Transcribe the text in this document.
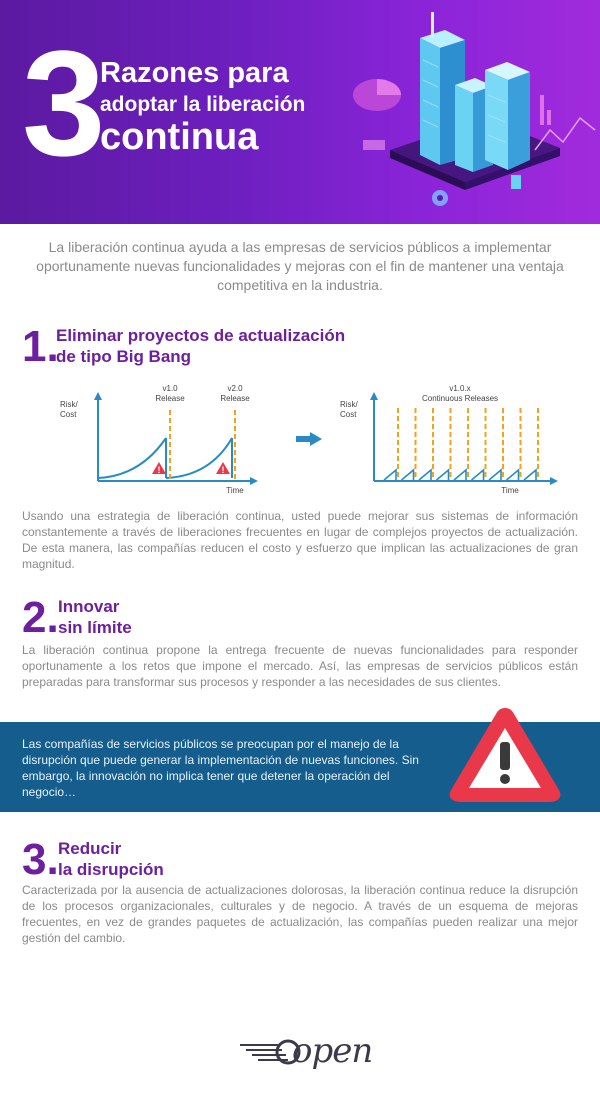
3
Razones para
adoptar la liberación
continua
La liberación continua ayuda a las empresas de servicios públicos a implementar oportunamente nuevas funcionalidades y mejoras con el fin de mantener una ventaja competitiva en la industria.
1.
Eliminar proyectos de actualización
de tipo Big Bang
!	!
Risk/
Cost
v1.0
Release
v2.0
Release
Time
Risk/
Cost
v1.0.x
Continuous Releases
Time
Usando una estrategia de liberación continua, usted puede mejorar sus sistemas de información constantemente a través de liberaciones frecuentes en lugar de complejos proyectos de actualización. De esta manera, las compañías reducen el costo y esfuerzo que implican las actualizaciones de gran magnitud.
2. Innovar
sin límite
La liberación continua propone la entrega frecuente de nuevas funcionalidades para responder oportunamente a los retos que impone el mercado. Así, las empresas de servicios públicos están preparadas para transformar sus procesos y responder a las necesidades de sus clientes.
Las compañías de servicios públicos se preocupan por el manejo de la disrupción que puede generar la implementación de nuevas funciones. Sin embargo, la innovación no implica tener que detener la operación del negocio…
3. Reducir
la disrupción
Caracterizada por la ausencia de actualizaciones dolorosas, la liberación continua reduce la disrupción de los procesos organizacionales, culturales y de negocio. A través de un esquema de mejoras frecuentes, en vez de grandes paquetes de actualización, las compañías pueden realizar una mejor gestión del cambio.
open
